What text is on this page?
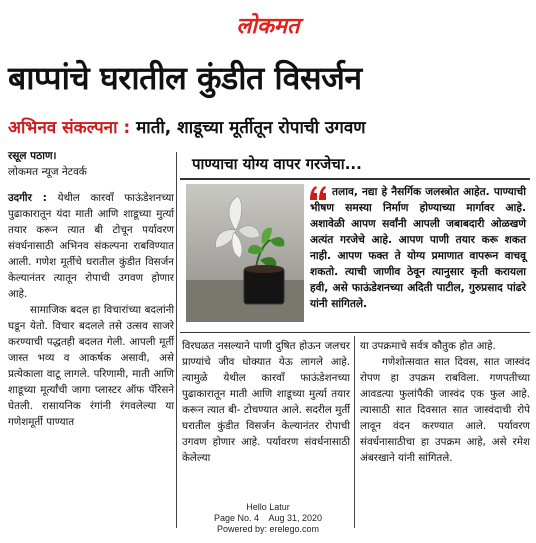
लोकमत
बाप्पांचे घरातील कुंडीत विसर्जन
अभिनव संकल्पना : माती, शाडूच्या मूर्तीतून रोपाची उगवण
रसूल पठाण।
लोकमत न्यूज नेटवर्क

उदगीर : येथील कारवाँ फाऊंडेशनच्या पुढाकारातून यंदा माती आणि शाडूच्या मुर्त्या तयार करून त्यात बी टोचून पर्यावरण संवर्धनासाठी अभिनव संकल्पना राबविण्यात आली. गणेश मूर्तीचे घरातील कुंडीत विसर्जन केल्यानंतर त्यातून रोपाची उगवण होणार आहे.

सामाजिक बदल हा विचारांच्या बदलांनी घडून येतो. विचार बदलले तसे उत्सव साजरे करण्याची पद्धतही बदलत गेली. आपली मूर्ती जास्त भव्य व आकर्षक असावी, असे प्रत्येकाला वाटू लागले. परिणामी, माती आणि शाडूच्या मूर्त्यांची जागा प्लास्टर ऑफ पॅरिसने घेतली. रासायनिक रंगांनी रंगवलेल्या या गणेशमूर्ती पाण्यात

पाण्याचा योग्य वापर गरजेचा...
तलाव, नद्या हे नैसर्गिक जलस्त्रोत आहेत. पाण्याची भीषण समस्या निर्माण होण्याच्या मार्गावर आहे. अशावेळी आपण सर्वांनी आपली जबाबदारी ओळखणे अत्यंत गरजेचे आहे. आपण पाणी तयार करू शकत नाही. आपण फक्त ते योग्य प्रमाणात वापरून वाचवू शकतो. त्याची जाणीव ठेवून त्यानुसार कृती करायला हवी, असे फाऊंडेशनच्या अदिती पाटील, गुरुप्रसाद पांढरे यांनी सांगितले.
विरघळत नसल्याने पाणी दुषित होऊन जलचर प्राण्यांचे जीव धोक्यात येऊ लागले आहे. त्यामुळे येथील कारवाँ फाऊंडेशनच्या पुढाकारातून माती आणि शाडूच्या मुर्त्या तयार करून त्यात बी- टोचण्यात आले. सदरील मुर्ती घरातील कुंडीत विसर्जन केल्यानंतर रोपाची उगवण होणार आहे. पर्यावरण संवर्धनासाठी केलेल्या

या उपक्रमाचे सर्वत्र कौतुक होत आहे.

गणेशोत्सवात सात दिवस, सात जास्वंद रोपण हा उपक्रम राबविला. गणपतीच्या आवडत्या फुलांपैकी जास्वंद एक फुल आहे. त्यासाठी सात दिवसात सात जास्वंदाची रोपे लावून वंदन करण्यात आले. पर्यावरण संवर्धनासाठीचा हा उपक्रम आहे, असे रमेश अंबरखाने यांनी सांगितले.

Hello Latur
Page No. 4    Aug 31, 2020
Powered by: erelego.com
